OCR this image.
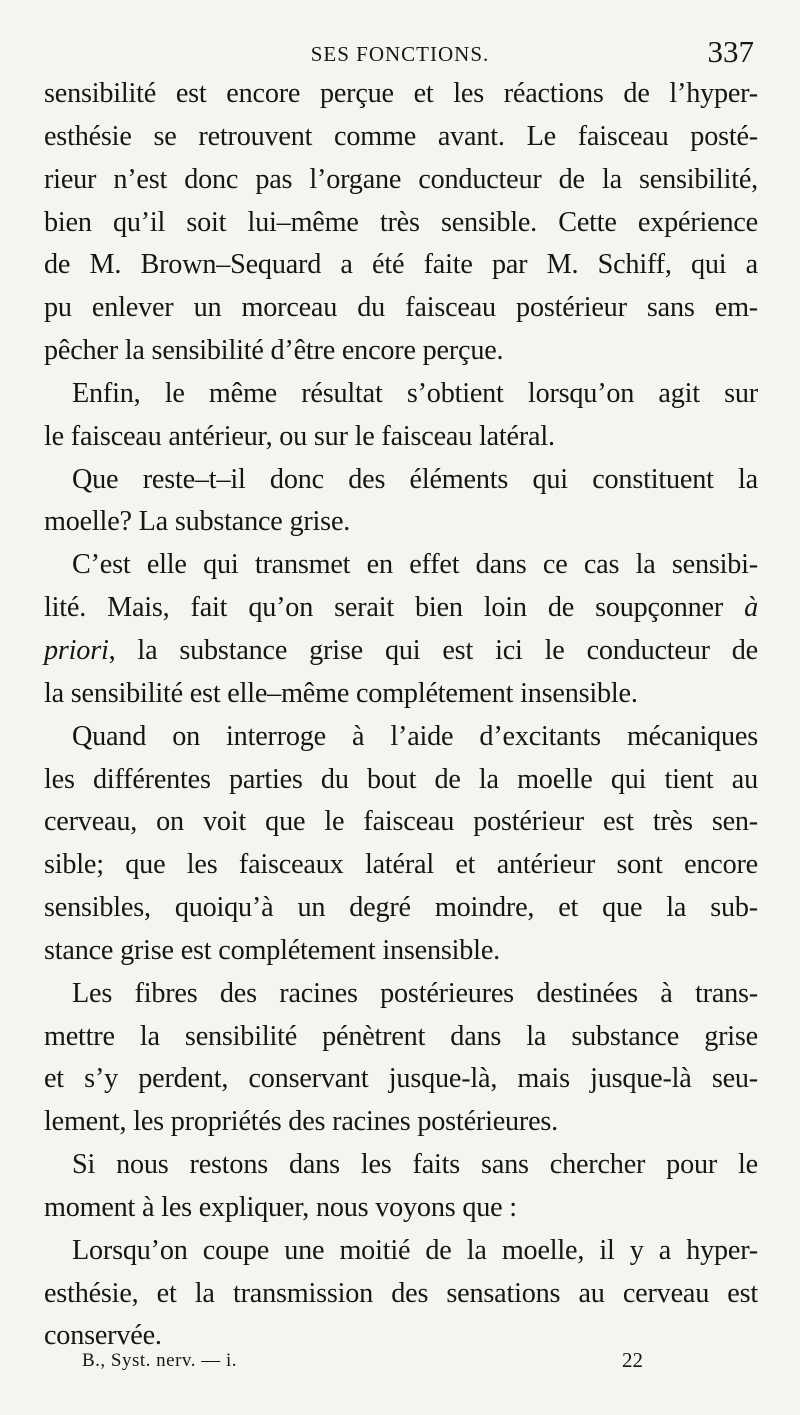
SES FONCTIONS.	337

sensibilité est encore perçue et les réactions de l’hyper-
esthésie se retrouvent comme avant. Le faisceau posté-
rieur n’est donc pas l’organe conducteur de la sensibilité,
bien qu’il soit lui–même très sensible. Cette expérience
de M. Brown–Sequard a été faite par M. Schiff, qui a
pu enlever un morceau du faisceau postérieur sans em-
pêcher la sensibilité d’être encore perçue.

Enfin, le même résultat s’obtient lorsqu’on agit sur
le faisceau antérieur, ou sur le faisceau latéral.

Que reste–t–il donc des éléments qui constituent la
moelle? La substance grise.

C’est elle qui transmet en effet dans ce cas la sensibi-
lité. Mais, fait qu’on serait bien loin de soupçonner à
priori, la substance grise qui est ici le conducteur de
la sensibilité est elle–même complétement insensible.

Quand on interroge à l’aide d’excitants mécaniques
les différentes parties du bout de la moelle qui tient au
cerveau, on voit que le faisceau postérieur est très sen-
sible; que les faisceaux latéral et antérieur sont encore
sensibles, quoiqu’à un degré moindre, et que la sub-
stance grise est complétement insensible.

Les fibres des racines postérieures destinées à trans-
mettre la sensibilité pénètrent dans la substance grise
et s’y perdent, conservant jusque-là, mais jusque-là seu-
lement, les propriétés des racines postérieures.

Si nous restons dans les faits sans chercher pour le
moment à les expliquer, nous voyons que :

Lorsqu’on coupe une moitié de la moelle, il y a hyper-
esthésie, et la transmission des sensations au cerveau est
conservée.

B., Syst. nerv. — i.	22
